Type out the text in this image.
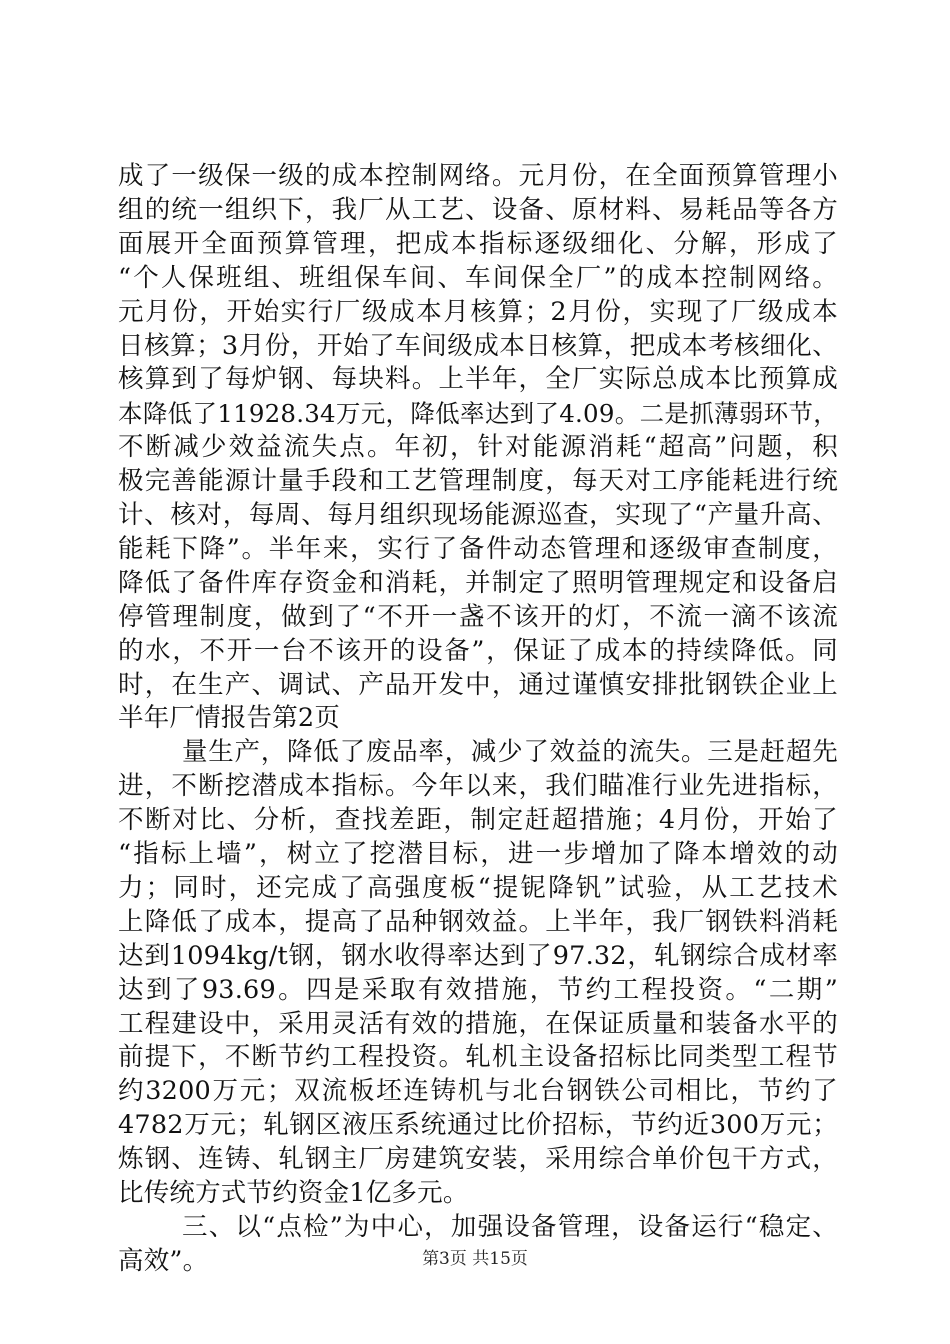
成了一级保一级的成本控制网络。元月份，在全面预算管理小
组的统一组织下，我厂从工艺、设备、原材料、易耗品等各方
面展开全面预算管理，把成本指标逐级细化、分解，形成了
“个人保班组、班组保车间、车间保全厂”的成本控制网络。
元月份，开始实行厂级成本月核算；2月份，实现了厂级成本
日核算；3月份，开始了车间级成本日核算，把成本考核细化、
核算到了每炉钢、每块料。上半年，全厂实际总成本比预算成
本降低了11928.34万元，降低率达到了4.09。二是抓薄弱环节，
不断减少效益流失点。年初，针对能源消耗“超高”问题，积
极完善能源计量手段和工艺管理制度，每天对工序能耗进行统
计、核对，每周、每月组织现场能源巡查，实现了“产量升高、
能耗下降”。半年来，实行了备件动态管理和逐级审查制度，
降低了备件库存资金和消耗，并制定了照明管理规定和设备启
停管理制度，做到了“不开一盏不该开的灯，不流一滴不该流
的水，不开一台不该开的设备”，保证了成本的持续降低。同
时，在生产、调试、产品开发中，通过谨慎安排批钢铁企业上
半年厂情报告第2页
量生产，降低了废品率，减少了效益的流失。三是赶超先
进，不断挖潜成本指标。今年以来，我们瞄准行业先进指标，
不断对比、分析，查找差距，制定赶超措施；4月份，开始了
“指标上墙”，树立了挖潜目标，进一步增加了降本增效的动
力；同时，还完成了高强度板“提铌降钒”试验，从工艺技术
上降低了成本，提高了品种钢效益。上半年，我厂钢铁料消耗
达到1094kg/t钢，钢水收得率达到了97.32，轧钢综合成材率
达到了93.69。四是采取有效措施，节约工程投资。“二期”
工程建设中，采用灵活有效的措施，在保证质量和装备水平的
前提下，不断节约工程投资。轧机主设备招标比同类型工程节
约3200万元；双流板坯连铸机与北台钢铁公司相比，节约了
4782万元；轧钢区液压系统通过比价招标，节约近300万元；
炼钢、连铸、轧钢主厂房建筑安装，采用综合单价包干方式，
比传统方式节约资金1亿多元。
三、以“点检”为中心，加强设备管理，设备运行“稳定、
高效”。	第3页 共15页
